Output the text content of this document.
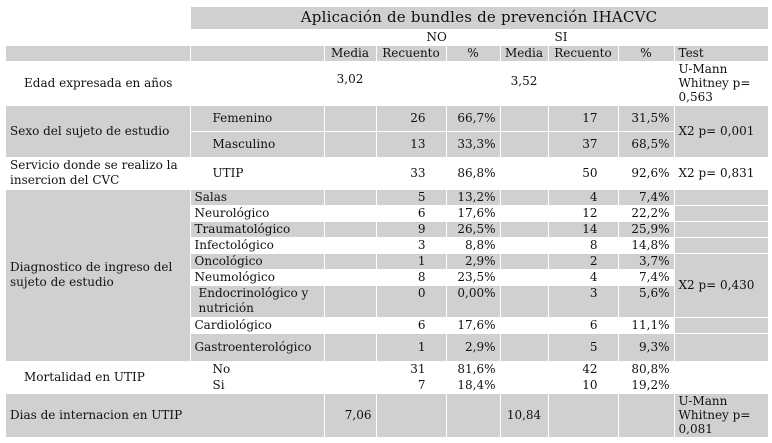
	Aplicación de bundles de prevención IHACVC							
			NO			SI		
		Media	Recuento	%	Media	Recuento	%	Test
Edad expresada en años		3,02			3,52			U-Mann Whitney p= 0,563
Sexo del sujeto de estudio	Femenino		26	66,7%		17	31,5%	X2 p= 0,001
	Masculino		13	33,3%		37	68,5%	
Servicio donde se realizo la insercion del CVC	UTIP		33	86,8%		50	92,6%	X2 p= 0,831
Diagnostico de ingreso del sujeto de estudio	Salas		5	13,2%		4	7,4%	
	Neurológico		6	17,6%		12	22,2%	
	Traumatológico		9	26,5%		14	25,9%	
	Infectológico		3	8,8%		8	14,8%	
	Oncológico		1	2,9%		2	3,7%	X2 p= 0,430
	Neumológico		8	23,5%		4	7,4%	
	Endocrinológico y nutrición		0	0,00%		3	5,6%	
	Cardiológico		6	17,6%		6	11,1%	
	Gastroenterológico		1	2,9%		5	9,3%	
Mortalidad en UTIP	No		31	81,6%		42	80,8%	
	Si		7	18,4%		10	19,2%	
Dias de internacion en UTIP		7,06			10,84			U-Mann Whitney p= 0,081
